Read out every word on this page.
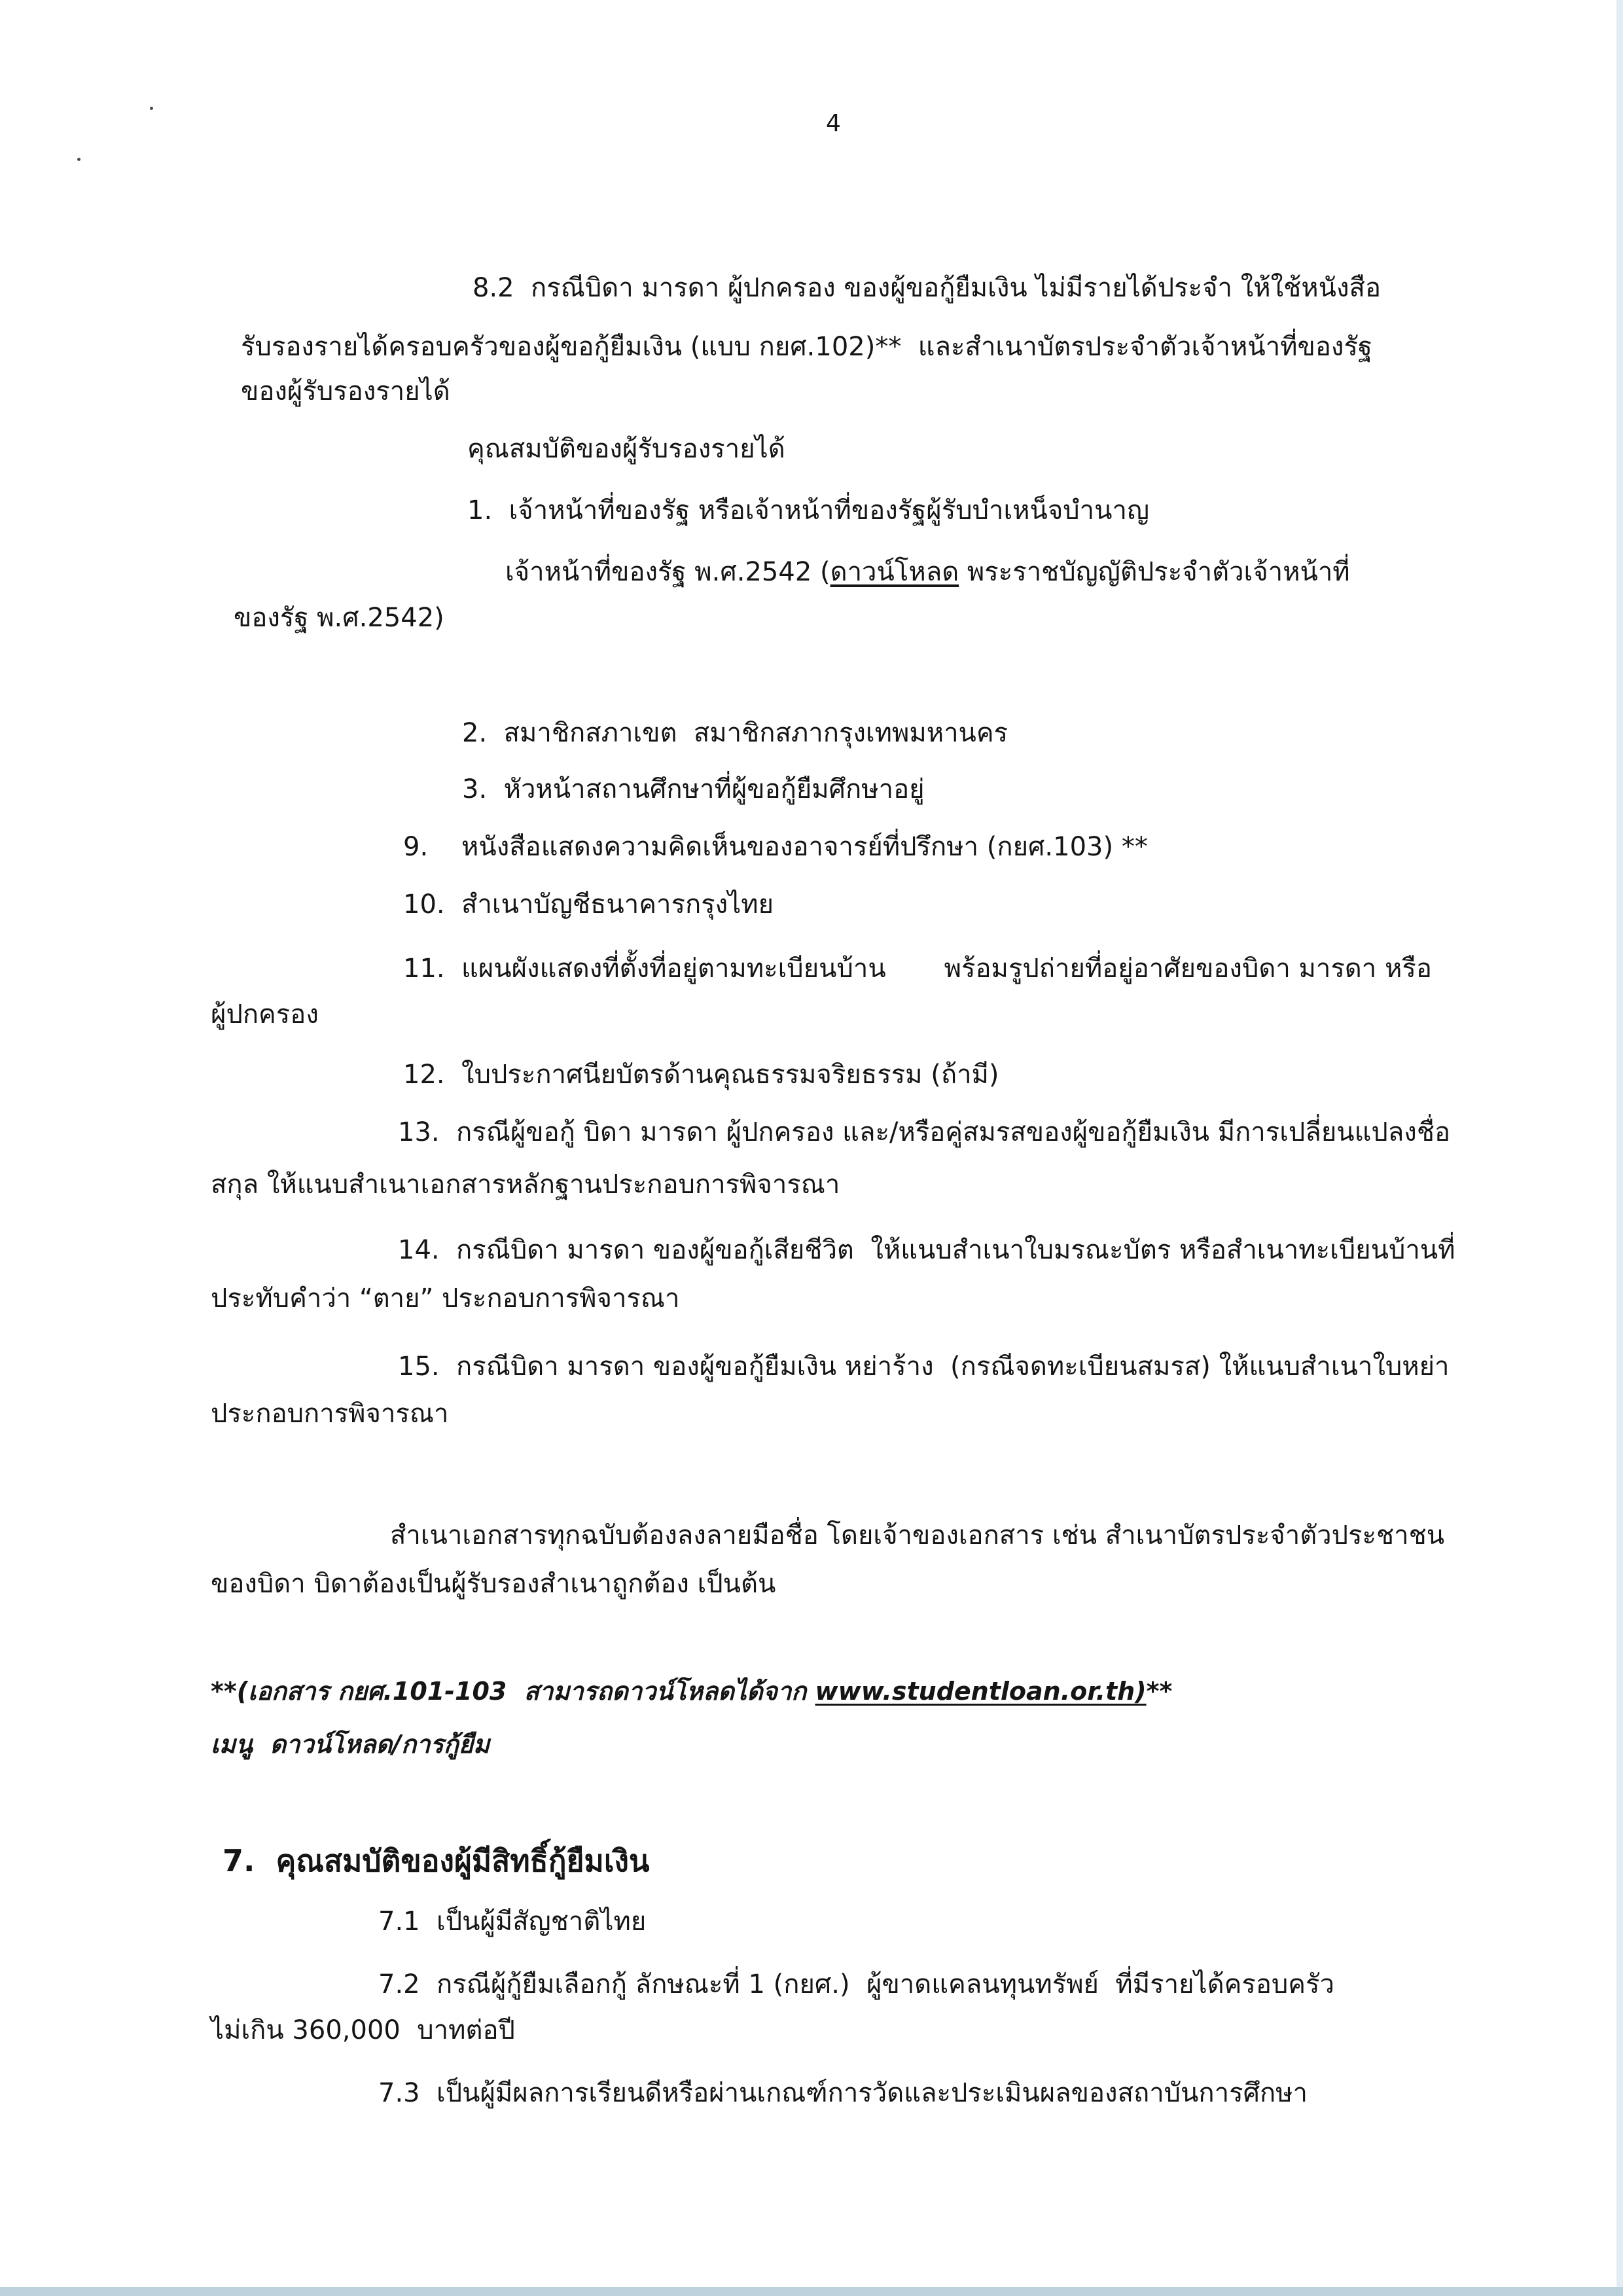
4
8.2  กรณีบิดา มารดา ผู้ปกครอง ของผู้ขอกู้ยืมเงิน ไม่มีรายได้ประจำ ให้ใช้หนังสือ
รับรองรายได้ครอบครัวของผู้ขอกู้ยืมเงิน (แบบ กยศ.102)**  และสำเนาบัตรประจำตัวเจ้าหน้าที่ของรัฐ
ของผู้รับรองรายได้
คุณสมบัติของผู้รับรองรายได้
1.  เจ้าหน้าที่ของรัฐ หรือเจ้าหน้าที่ของรัฐผู้รับบำเหน็จบำนาญ
เจ้าหน้าที่ของรัฐ พ.ศ.2542 (ดาวน์โหลด พระราชบัญญัติประจำตัวเจ้าหน้าที่
ของรัฐ พ.ศ.2542)
2.  สมาชิกสภาเขต  สมาชิกสภากรุงเทพมหานคร
3.  หัวหน้าสถานศึกษาที่ผู้ขอกู้ยืมศึกษาอยู่
9.    หนังสือแสดงความคิดเห็นของอาจารย์ที่ปรึกษา (กยศ.103) **
10.  สำเนาบัญชีธนาคารกรุงไทย
11.  แผนผังแสดงที่ตั้งที่อยู่ตามทะเบียนบ้าน       พร้อมรูปถ่ายที่อยู่อาศัยของบิดา มารดา หรือ
ผู้ปกครอง
12.  ใบประกาศนียบัตรด้านคุณธรรมจริยธรรม (ถ้ามี)
13.  กรณีผู้ขอกู้ บิดา มารดา ผู้ปกครอง และ/หรือคู่สมรสของผู้ขอกู้ยืมเงิน มีการเปลี่ยนแปลงชื่อ
สกุล ให้แนบสำเนาเอกสารหลักฐานประกอบการพิจารณา
14.  กรณีบิดา มารดา ของผู้ขอกู้เสียชีวิต  ให้แนบสำเนาใบมรณะบัตร หรือสำเนาทะเบียนบ้านที่
ประทับคำว่า “ตาย” ประกอบการพิจารณา
15.  กรณีบิดา มารดา ของผู้ขอกู้ยืมเงิน หย่าร้าง  (กรณีจดทะเบียนสมรส) ให้แนบสำเนาใบหย่า
ประกอบการพิจารณา
สำเนาเอกสารทุกฉบับต้องลงลายมือชื่อ โดยเจ้าของเอกสาร เช่น สำเนาบัตรประจำตัวประชาชน
ของบิดา บิดาต้องเป็นผู้รับรองสำเนาถูกต้อง เป็นต้น
**(เอกสาร กยศ.101-103  สามารถดาวน์โหลดได้จาก www.studentloan.or.th)**
เมนู  ดาวน์โหลด/การกู้ยืม
7.  คุณสมบัติของผู้มีสิทธิ์กู้ยืมเงิน
7.1  เป็นผู้มีสัญชาติไทย
7.2  กรณีผู้กู้ยืมเลือกกู้ ลักษณะที่ 1 (กยศ.)  ผู้ขาดแคลนทุนทรัพย์  ที่มีรายได้ครอบครัว
ไม่เกิน 360,000  บาทต่อปี
7.3  เป็นผู้มีผลการเรียนดีหรือผ่านเกณฑ์การวัดและประเมินผลของสถาบันการศึกษา
